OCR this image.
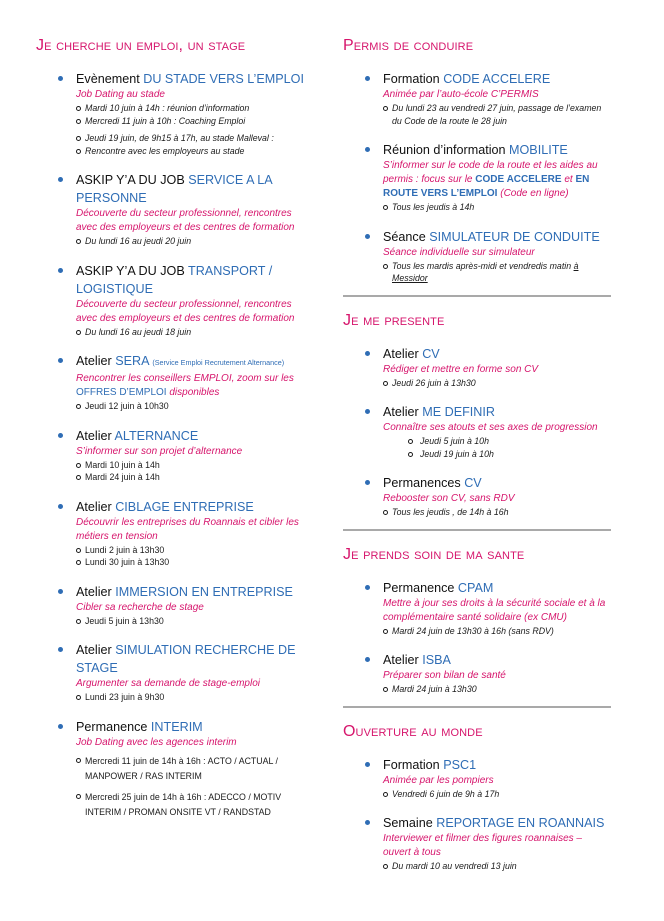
Je cherche un emploi, un stage
Evènement DU STADE VERS L’EMPLOI
Job Dating au stade
Mardi 10 juin à 14h : réunion d’information
Mercredi 11 juin à 10h : Coaching Emploi
Jeudi 19 juin, de 9h15 à 17h, au stade Malleval :
Rencontre avec les employeurs au stade
ASKIP Y’A DU JOB SERVICE A LA PERSONNE
Découverte du secteur professionnel, rencontres avec des employeurs et des centres de formation
Du lundi 16 au jeudi 20 juin
ASKIP Y’A DU JOB TRANSPORT / LOGISTIQUE
Découverte du secteur professionnel, rencontres avec des employeurs et des centres de formation
Du lundi 16 au jeudi 18 juin
Atelier SERA (Service Emploi Recrutement Alternance)
Rencontrer les conseillers EMPLOI, zoom sur les OFFRES D’EMPLOI disponibles
Jeudi 12 juin à 10h30
Atelier ALTERNANCE
S’informer sur son projet d’alternance
Mardi 10 juin à 14h
Mardi 24 juin à 14h
Atelier CIBLAGE ENTREPRISE
Découvrir les entreprises du Roannais et cibler les métiers en tension
Lundi 2 juin à 13h30
Lundi 30 juin à 13h30
Atelier IMMERSION EN ENTREPRISE
Cibler sa recherche de stage
Jeudi 5 juin à 13h30
Atelier SIMULATION RECHERCHE DE STAGE
Argumenter sa demande de stage-emploi
Lundi 23 juin à 9h30
Permanence INTERIM
Job Dating avec les agences interim
Mercredi 11 juin de 14h à 16h : ACTO / ACTUAL / MANPOWER / RAS INTERIM
Mercredi 25 juin de 14h à 16h : ADECCO / MOTIV INTERIM / PROMAN ONSITE VT / RANDSTAD
Permis de conduire
Formation CODE ACCELERE
Animée par l’auto-école C’PERMIS
Du lundi 23 au vendredi 27 juin, passage de l’examen du Code de la route le 28 juin
Réunion d’information MOBILITE
S’informer sur le code de la route et les aides au permis : focus sur le CODE ACCELERE et EN ROUTE VERS L’EMPLOI (Code en ligne)
Tous les jeudis à 14h
Séance SIMULATEUR DE CONDUITE
Séance individuelle sur simulateur
Tous les mardis après-midi et vendredis matin à Messidor
Je me presente
Atelier CV
Rédiger et mettre en forme son CV
Jeudi 26 juin à 13h30
Atelier ME DEFINIR
Connaître ses atouts et ses axes de progression
Jeudi 5 juin à 10h
Jeudi 19 juin à 10h
Permanences CV
Rebooster son CV, sans RDV
Tous les jeudis , de 14h à 16h
Je prends soin de ma sante
Permanence CPAM
Mettre à jour ses droits à la sécurité sociale et à la complémentaire santé solidaire (ex CMU)
Mardi 24 juin de 13h30 à 16h (sans RDV)
Atelier ISBA
Préparer son bilan de santé
Mardi 24 juin à 13h30
Ouverture au monde
Formation PSC1
Animée par les pompiers
Vendredi 6 juin de 9h à 17h
Semaine REPORTAGE EN ROANNAIS
Interviewer et filmer des figures roannaises – ouvert à tous
Du mardi 10 au vendredi 13 juin
